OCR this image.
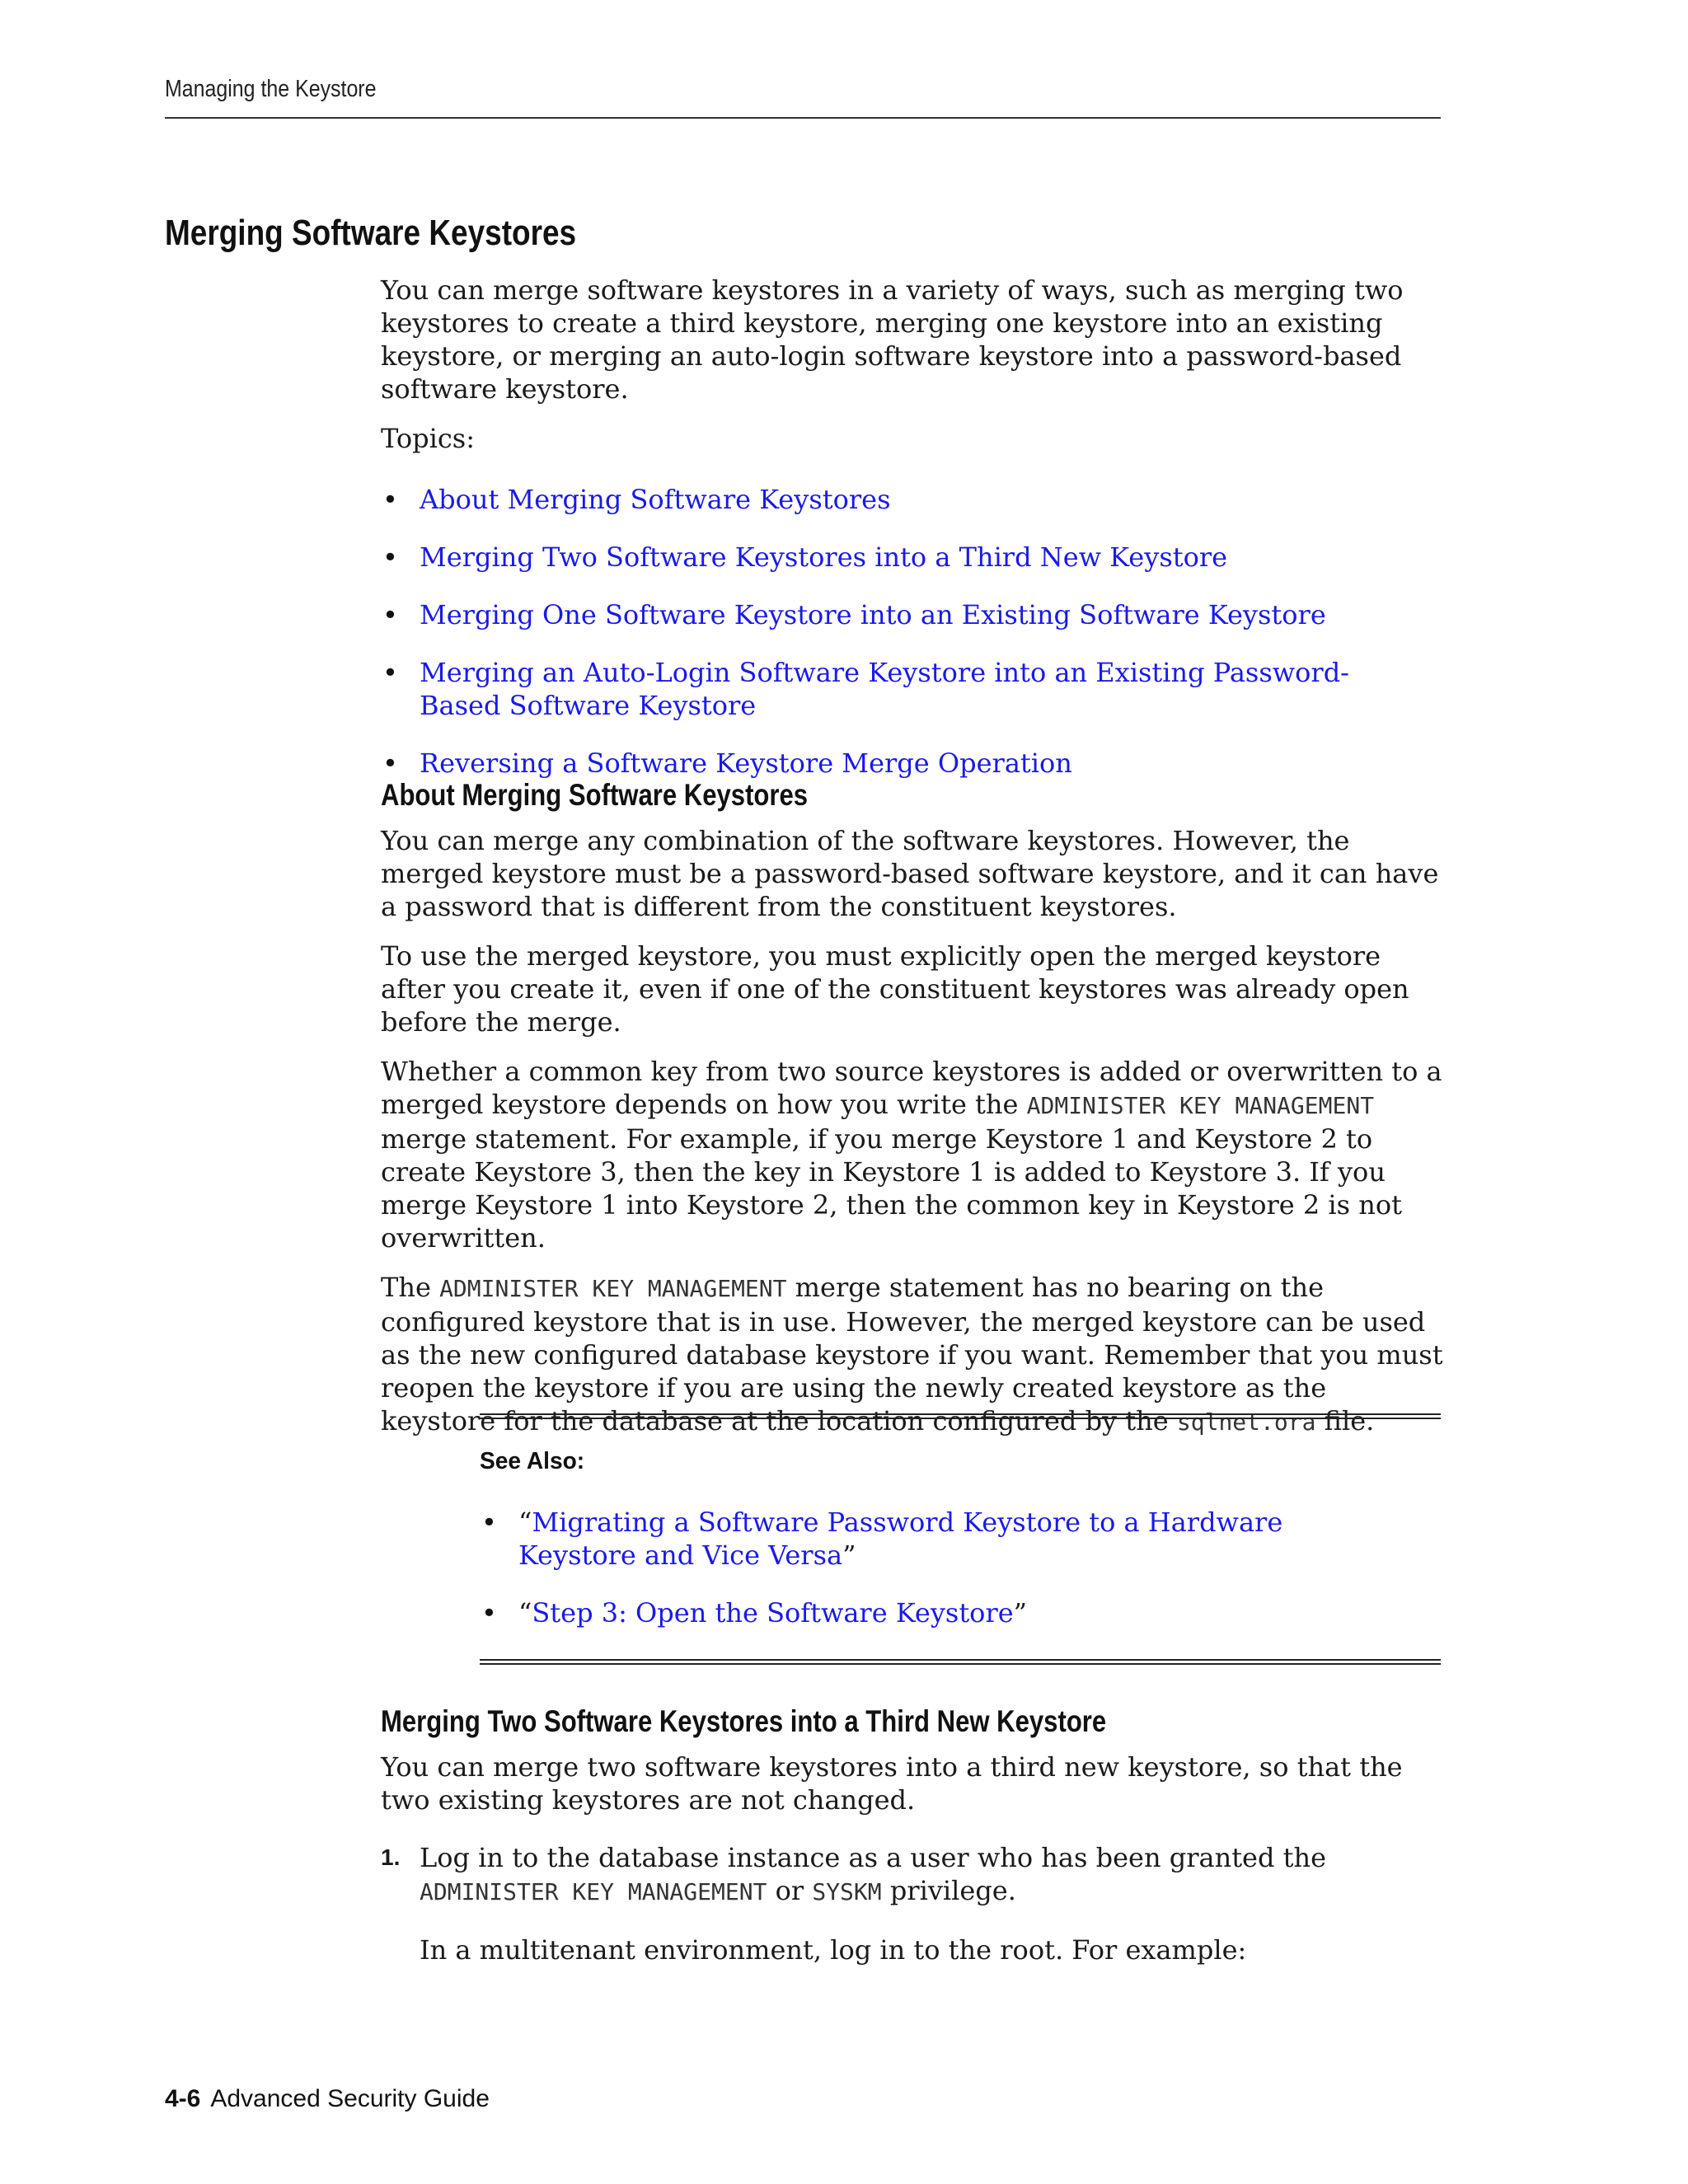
Managing the Keystore
Merging Software Keystores

You can merge software keystores in a variety of ways, such as merging two keystores to create a third keystore, merging one keystore into an existing keystore, or merging an auto-login software keystore into a password-based software keystore.

Topics:

• About Merging Software Keystores
• Merging Two Software Keystores into a Third New Keystore
• Merging One Software Keystore into an Existing Software Keystore
• Merging an Auto-Login Software Keystore into an Existing Password-Based Software Keystore
• Reversing a Software Keystore Merge Operation
About Merging Software Keystores

You can merge any combination of the software keystores. However, the merged keystore must be a password-based software keystore, and it can have a password that is different from the constituent keystores.

To use the merged keystore, you must explicitly open the merged keystore after you create it, even if one of the constituent keystores was already open before the merge.

Whether a common key from two source keystores is added or overwritten to a merged keystore depends on how you write the ADMINISTER KEY MANAGEMENT merge statement. For example, if you merge Keystore 1 and Keystore 2 to create Keystore 3, then the key in Keystore 1 is added to Keystore 3. If you merge Keystore 1 into Keystore 2, then the common key in Keystore 2 is not overwritten.

The ADMINISTER KEY MANAGEMENT merge statement has no bearing on the configured keystore that is in use. However, the merged keystore can be used as the new configured database keystore if you want. Remember that you must reopen the keystore if you are using the newly created keystore as the keystore for the database at the location configured by the sqlnet.ora file.

See Also:
• “Migrating a Software Password Keystore to a Hardware Keystore and Vice Versa”
• “Step 3: Open the Software Keystore”
Merging Two Software Keystores into a Third New Keystore

You can merge two software keystores into a third new keystore, so that the two existing keystores are not changed.

1. Log in to the database instance as a user who has been granted the ADMINISTER KEY MANAGEMENT or SYSKM privilege.

In a multitenant environment, log in to the root. For example:

4-6 Advanced Security Guide
